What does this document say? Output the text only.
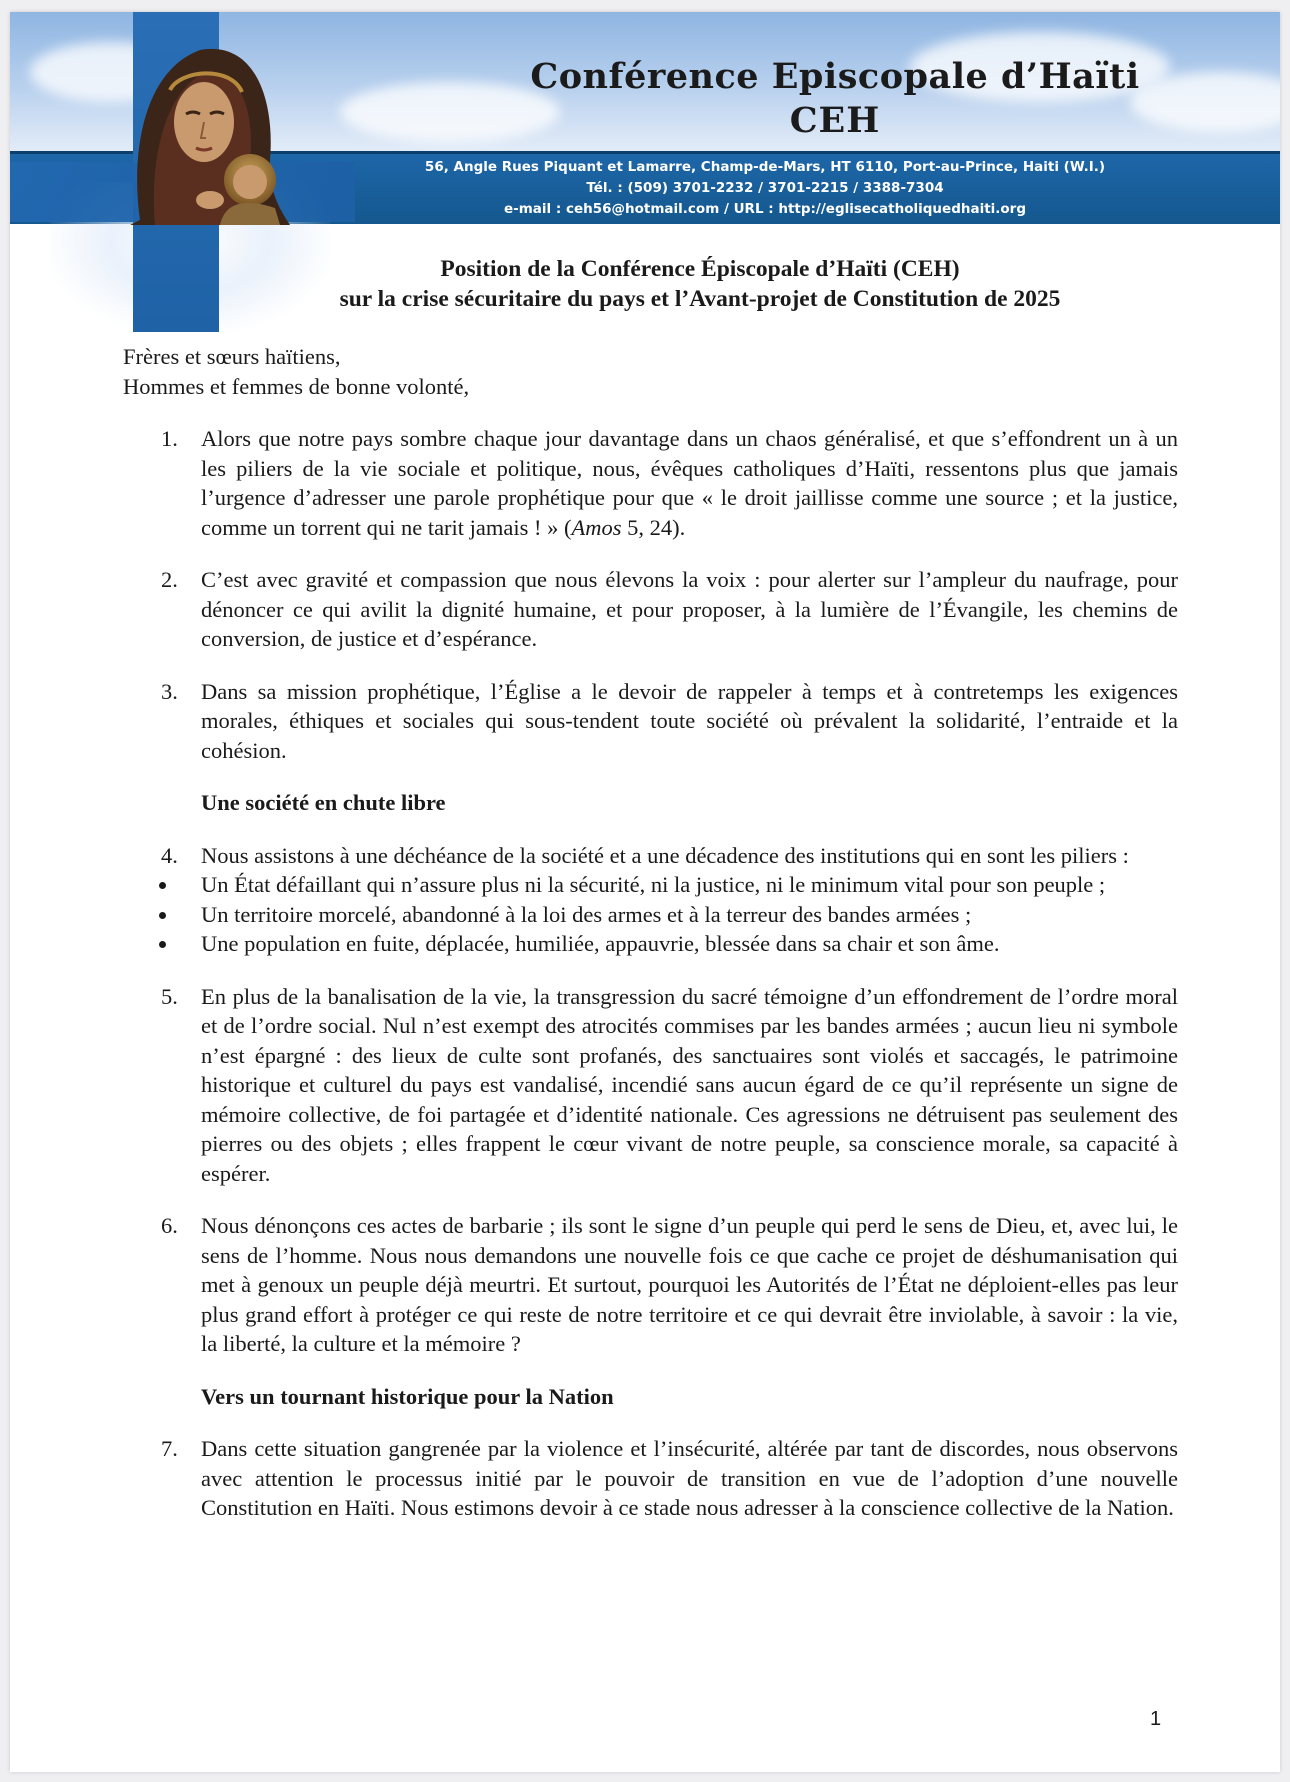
Conférence Episcopale d’Haïti
CEH
56, Angle Rues Piquant et Lamarre, Champ-de-Mars, HT 6110, Port-au-Prince, Haiti (W.I.)
Tél. : (509) 3701-2232 / 3701-2215 / 3388-7304
e-mail : ceh56@hotmail.com / URL : http://eglisecatholiquedhaiti.org
Position de la Conférence Épiscopale d’Haïti (CEH)
sur la crise sécuritaire du pays et l’Avant-projet de Constitution de 2025
Frères et sœurs haïtiens,
Hommes et femmes de bonne volonté,
1 . Alors que notre pays sombre chaque jour davantage dans un chaos généralisé, et que s’effondrent un à un les piliers de la vie sociale et politique, nous, évêques catholiques d’Haïti, ressentons plus que jamais l’urgence d’adresser une parole prophétique pour que « le droit jaillisse comme une source ; et la justice, comme un torrent qui ne tarit jamais ! » (Amos 5, 24).
2 . C’est avec gravité et compassion que nous élevons la voix : pour alerter sur l’ampleur du naufrage, pour dénoncer ce qui avilit la dignité humaine, et pour proposer, à la lumière de l’Évangile, les chemins de conversion, de justice et d’espérance.
3 . Dans sa mission prophétique, l’Église a le devoir de rappeler à temps et à contretemps les exigences morales, éthiques et sociales qui sous-tendent toute société où prévalent la solidarité, l’entraide et la cohésion.
Une société en chute libre
4 . Nous assistons à une déchéance de la société et a une décadence des institutions qui en sont les piliers :
Un État défaillant qui n’assure plus ni la sécurité, ni la justice, ni le minimum vital pour son peuple ;
Un territoire morcelé, abandonné à la loi des armes et à la terreur des bandes armées ;
Une population en fuite, déplacée, humiliée, appauvrie, blessée dans sa chair et son âme.
5 . En plus de la banalisation de la vie, la transgression du sacré témoigne d’un effondrement de l’ordre moral et de l’ordre social. Nul n’est exempt des atrocités commises par les bandes armées ; aucun lieu ni symbole n’est épargné : des lieux de culte sont profanés, des sanctuaires sont violés et saccagés, le patrimoine historique et culturel du pays est vandalisé, incendié sans aucun égard de ce qu’il représente un signe de mémoire collective, de foi partagée et d’identité nationale. Ces agressions ne détruisent pas seulement des pierres ou des objets ; elles frappent le cœur vivant de notre peuple, sa conscience morale, sa capacité à espérer.
6 . Nous dénonçons ces actes de barbarie ; ils sont le signe d’un peuple qui perd le sens de Dieu, et, avec lui, le sens de l’homme. Nous nous demandons une nouvelle fois ce que cache ce projet de déshumanisation qui met à genoux un peuple déjà meurtri. Et surtout, pourquoi les Autorités de l’État ne déploient-elles pas leur plus grand effort à protéger ce qui reste de notre territoire et ce qui devrait être inviolable, à savoir : la vie, la liberté, la culture et la mémoire ?
Vers un tournant historique pour la Nation
7 . Dans cette situation gangrenée par la violence et l’insécurité, altérée par tant de discordes, nous observons avec attention le processus initié par le pouvoir de transition en vue de l’adoption d’une nouvelle Constitution en Haïti. Nous estimons devoir à ce stade nous adresser à la conscience collective de la Nation.
1
